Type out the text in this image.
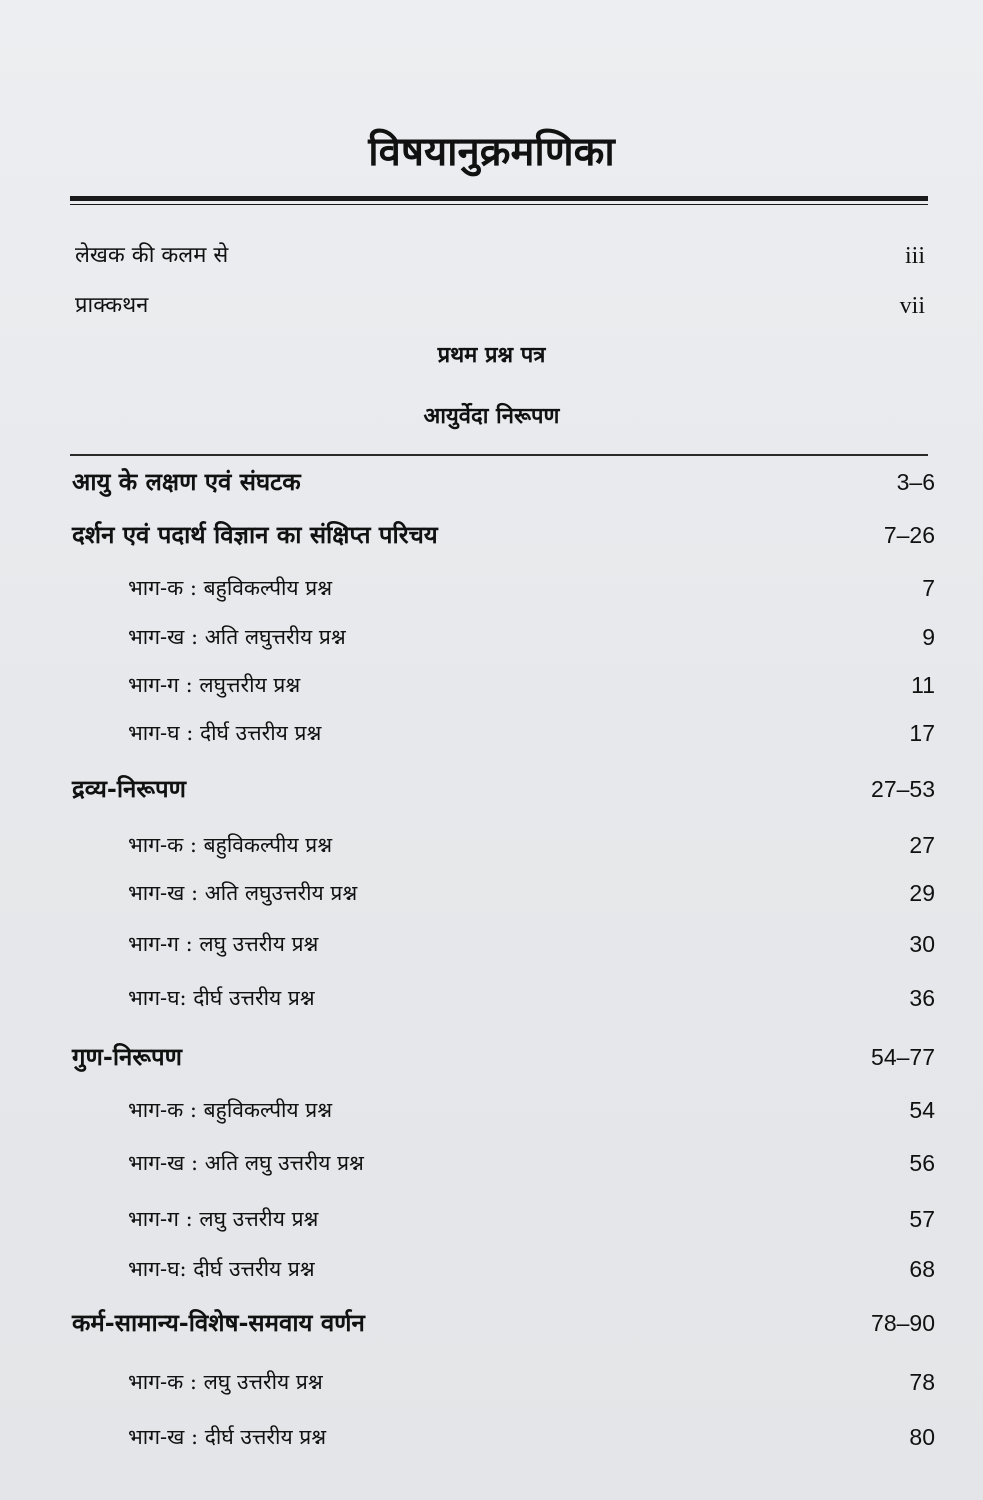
विषयानुक्रमणिका
लेखक की कलम से	iii
प्राक्कथन	vii
प्रथम प्रश्न पत्र
आयुर्वेदा निरूपण
आयु के लक्षण एवं संघटक	3–6
दर्शन एवं पदार्थ विज्ञान का संक्षिप्त परिचय	7–26
भाग-क : बहुविकल्पीय प्रश्न	7
भाग-ख : अति लघुत्तरीय प्रश्न	9
भाग-ग : लघुत्तरीय प्रश्न	11
भाग-घ : दीर्घ उत्तरीय प्रश्न	17
द्रव्य-निरूपण	27–53
भाग-क : बहुविकल्पीय प्रश्न	27
भाग-ख : अति लघुउत्तरीय प्रश्न	29
भाग-ग : लघु उत्तरीय प्रश्न	30
भाग-घ: दीर्घ उत्तरीय प्रश्न	36
गुण-निरूपण	54–77
भाग-क : बहुविकल्पीय प्रश्न	54
भाग-ख : अति लघु उत्तरीय प्रश्न	56
भाग-ग : लघु उत्तरीय प्रश्न	57
भाग-घ: दीर्घ उत्तरीय प्रश्न	68
कर्म-सामान्य-विशेष-समवाय वर्णन	78–90
भाग-क : लघु उत्तरीय प्रश्न	78
भाग-ख : दीर्घ उत्तरीय प्रश्न	80
